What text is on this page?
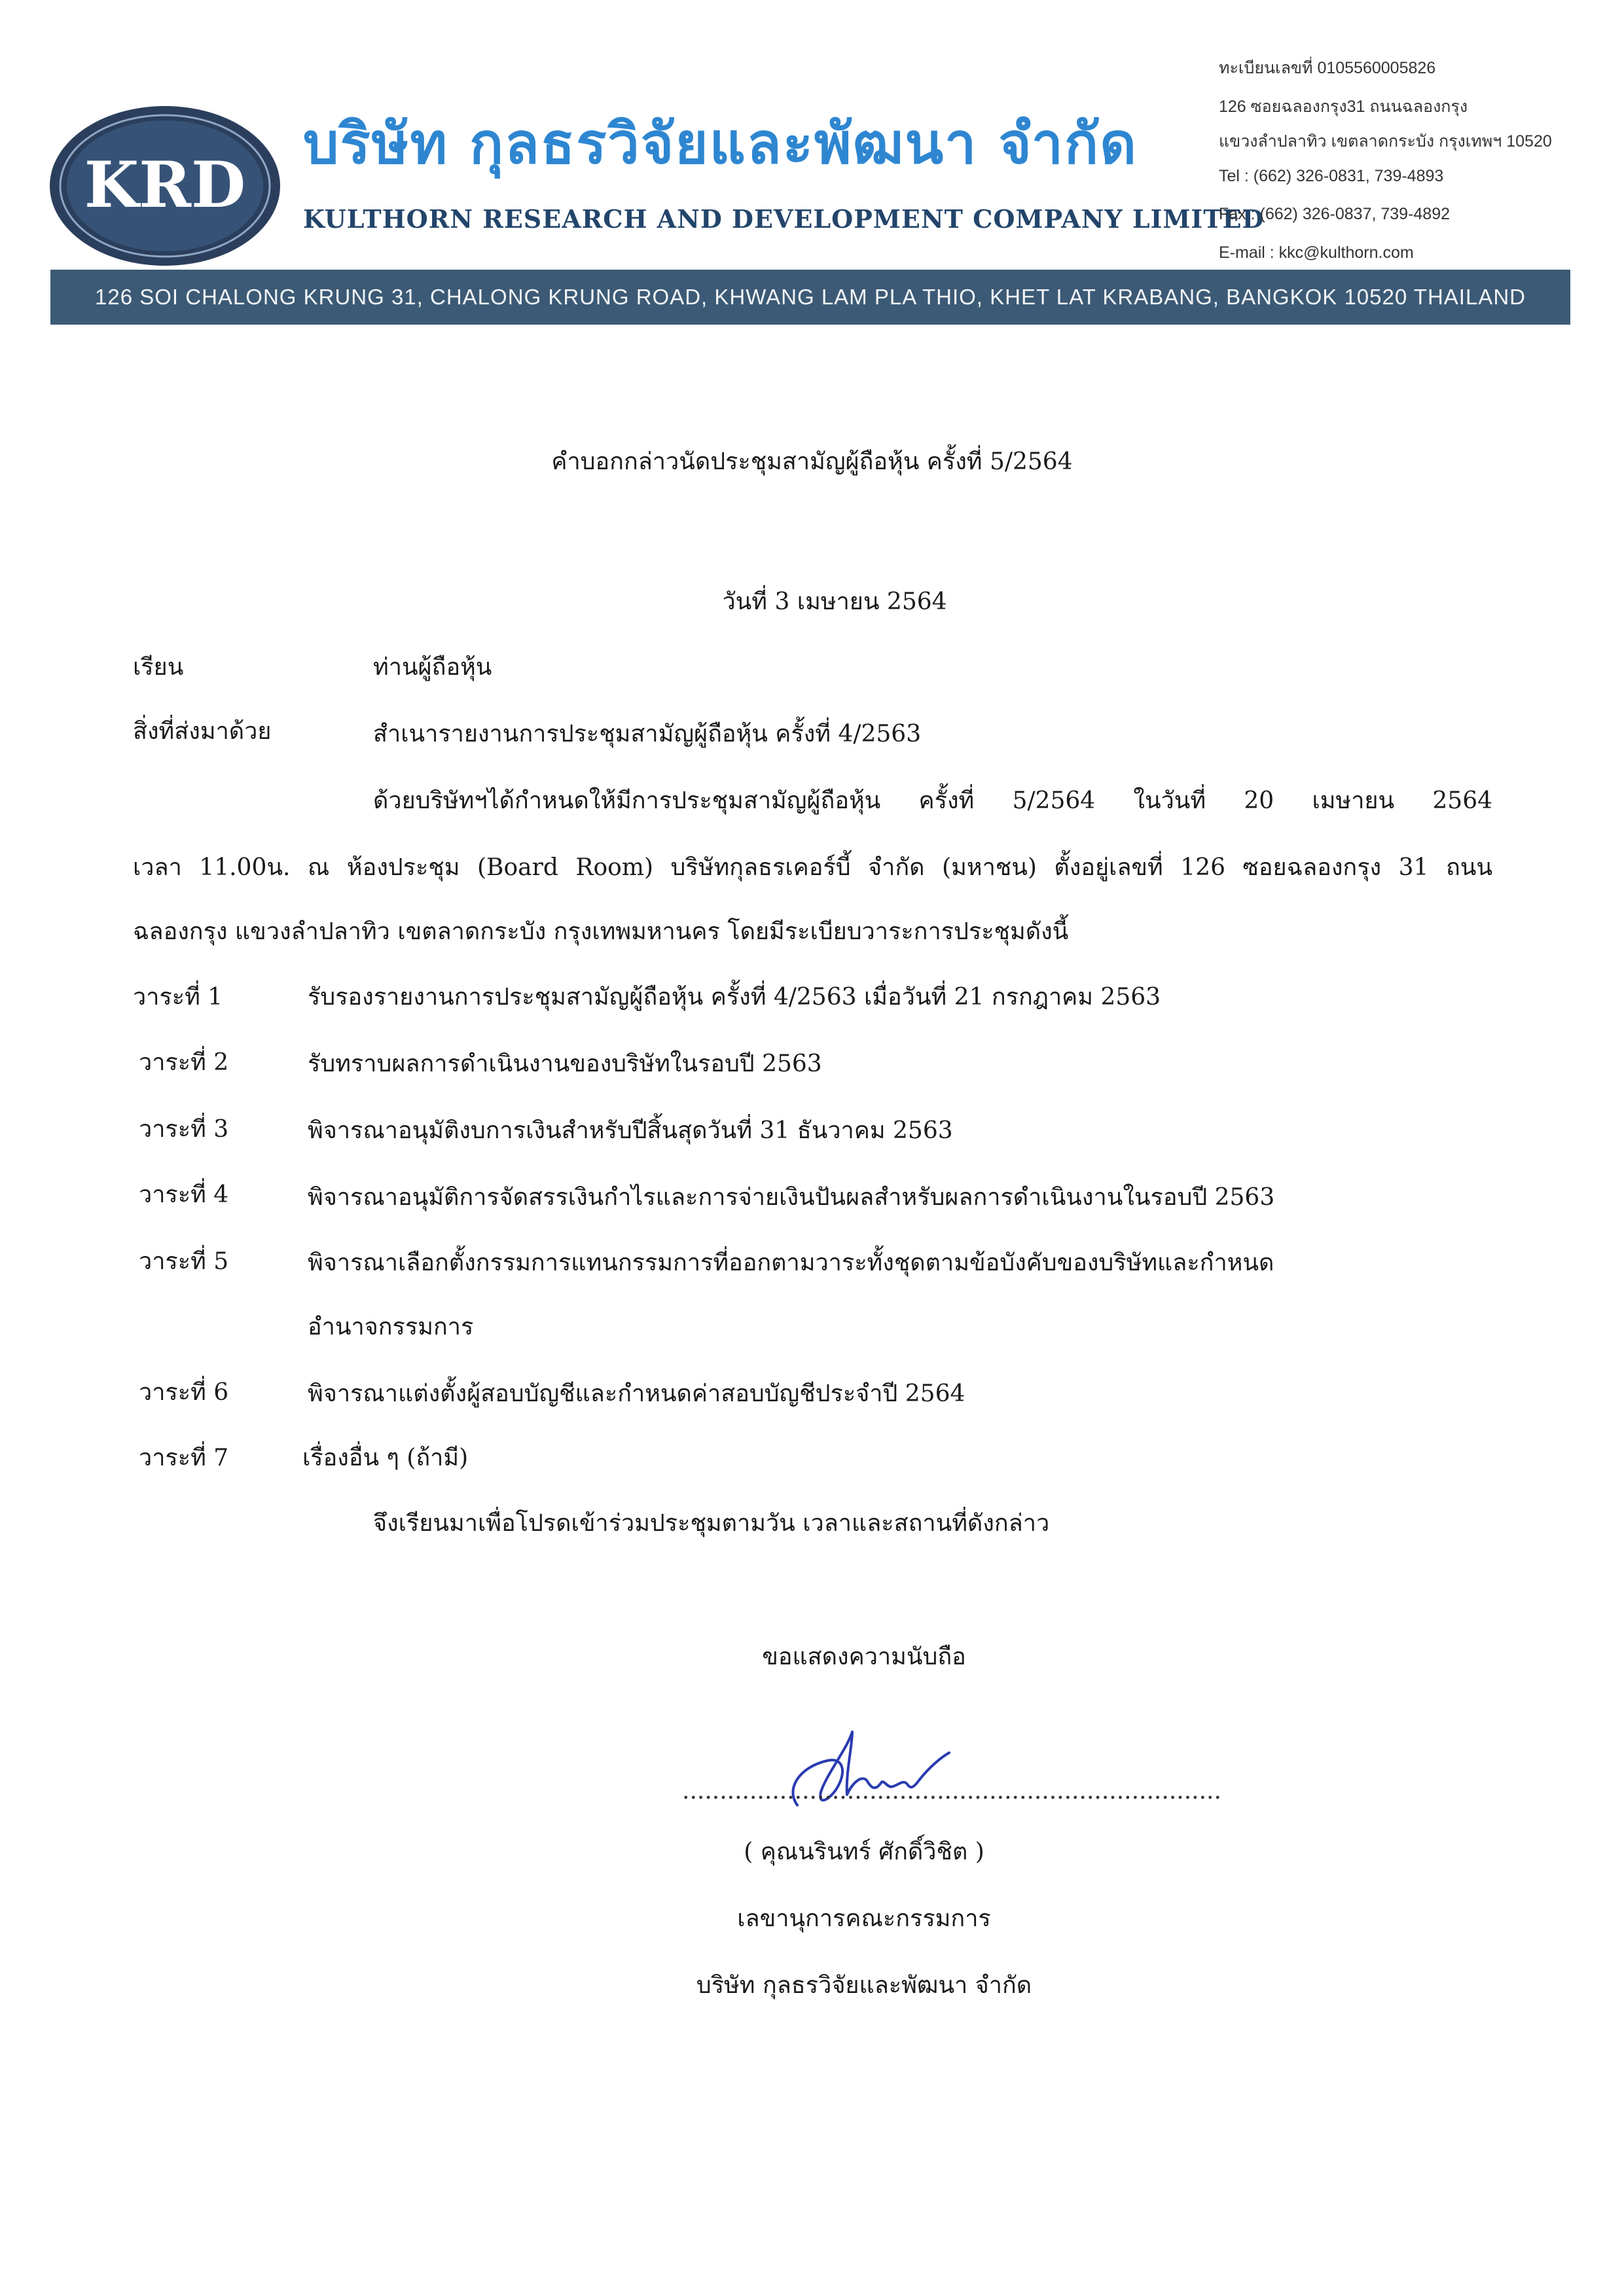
KRD
บริษัท กุลธรวิจัยและพัฒนา จำกัด
KULTHORN RESEARCH AND DEVELOPMENT COMPANY LIMITED
ทะเบียนเลขที่ 0105560005826
126 ซอยฉลองกรุง31 ถนนฉลองกรุง
แขวงลำปลาทิว เขตลาดกระบัง กรุงเทพฯ 10520
Tel : (662) 326-0831, 739-4893
Fax : (662) 326-0837, 739-4892
E-mail : kkc@kulthorn.com
126 SOI CHALONG KRUNG 31, CHALONG KRUNG ROAD, KHWANG LAM PLA THIO, KHET LAT KRABANG, BANGKOK 10520 THAILAND
คำบอกกล่าวนัดประชุมสามัญผู้ถือหุ้น ครั้งที่ 5/2564
วันที่ 3 เมษายน 2564
เรียน	ท่านผู้ถือหุ้น
สิ่งที่ส่งมาด้วย	สำเนารายงานการประชุมสามัญผู้ถือหุ้น ครั้งที่ 4/2563
ด้วยบริษัทฯได้กำหนดให้มีการประชุมสามัญผู้ถือหุ้น ครั้งที่ 5/2564 ในวันที่ 20 เมษายน 2564
เวลา 11.00น. ณ ห้องประชุม (Board Room) บริษัทกุลธรเคอร์บี้ จำกัด (มหาชน) ตั้งอยู่เลขที่ 126 ซอยฉลองกรุง 31 ถนน
ฉลองกรุง แขวงลำปลาทิว เขตลาดกระบัง กรุงเทพมหานคร โดยมีระเบียบวาระการประชุมดังนี้
วาระที่ 1	รับรองรายงานการประชุมสามัญผู้ถือหุ้น ครั้งที่ 4/2563 เมื่อวันที่ 21 กรกฎาคม 2563
วาระที่ 2	รับทราบผลการดำเนินงานของบริษัทในรอบปี 2563
วาระที่ 3	พิจารณาอนุมัติงบการเงินสำหรับปีสิ้นสุดวันที่ 31 ธันวาคม 2563
วาระที่ 4	พิจารณาอนุมัติการจัดสรรเงินกำไรและการจ่ายเงินปันผลสำหรับผลการดำเนินงานในรอบปี 2563
วาระที่ 5	พิจารณาเลือกตั้งกรรมการแทนกรรมการที่ออกตามวาระทั้งชุดตามข้อบังคับของบริษัทและกำหนด
อำนาจกรรมการ
วาระที่ 6	พิจารณาแต่งตั้งผู้สอบบัญชีและกำหนดค่าสอบบัญชีประจำปี 2564
วาระที่ 7	เรื่องอื่น ๆ (ถ้ามี)
จึงเรียนมาเพื่อโปรดเข้าร่วมประชุมตามวัน เวลาและสถานที่ดังกล่าว
ขอแสดงความนับถือ
........................................................................
( คุณนรินทร์ ศักดิ์วิชิต )
เลขานุการคณะกรรมการ
บริษัท กุลธรวิจัยและพัฒนา จำกัด
